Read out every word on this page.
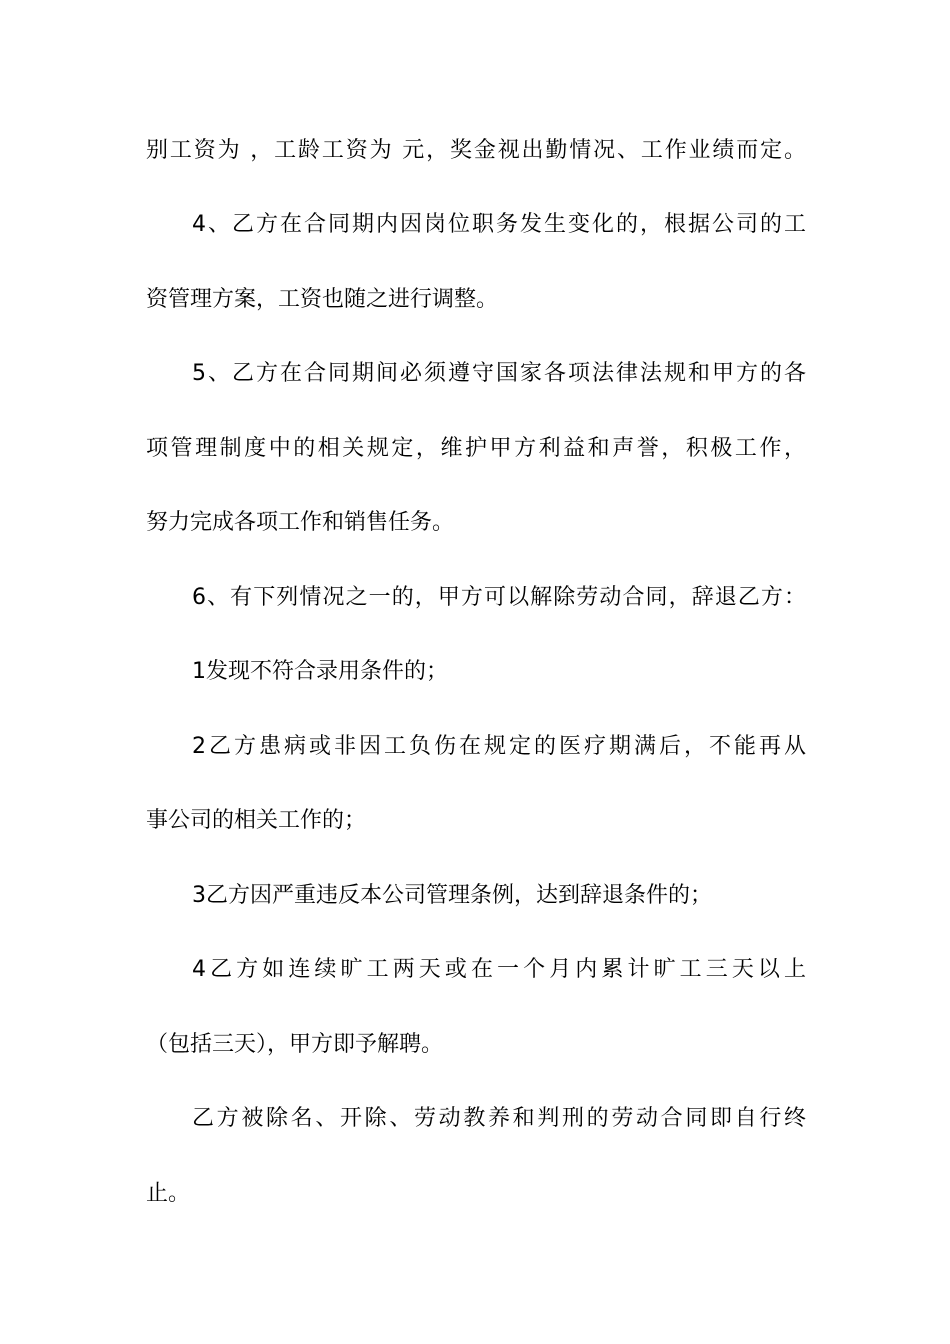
别工资为 ，工龄工资为 元，奖金视出勤情况、工作业绩而定。
4、乙方在合同期内因岗位职务发生变化的，根据公司的工
资管理方案，工资也随之进行调整。
5、乙方在合同期间必须遵守国家各项法律法规和甲方的各
项管理制度中的相关规定，维护甲方利益和声誉，积极工作，
努力完成各项工作和销售任务。
6、有下列情况之一的，甲方可以解除劳动合同，辞退乙方：
1发现不符合录用条件的；
2乙方患病或非因工负伤在规定的医疗期满后，不能再从
事公司的相关工作的；
3乙方因严重违反本公司管理条例，达到辞退条件的；
4乙方如连续旷工两天或在一个月内累计旷工三天以上
（包括三天），甲方即予解聘。
乙方被除名、开除、劳动教养和判刑的劳动合同即自行终
止。
